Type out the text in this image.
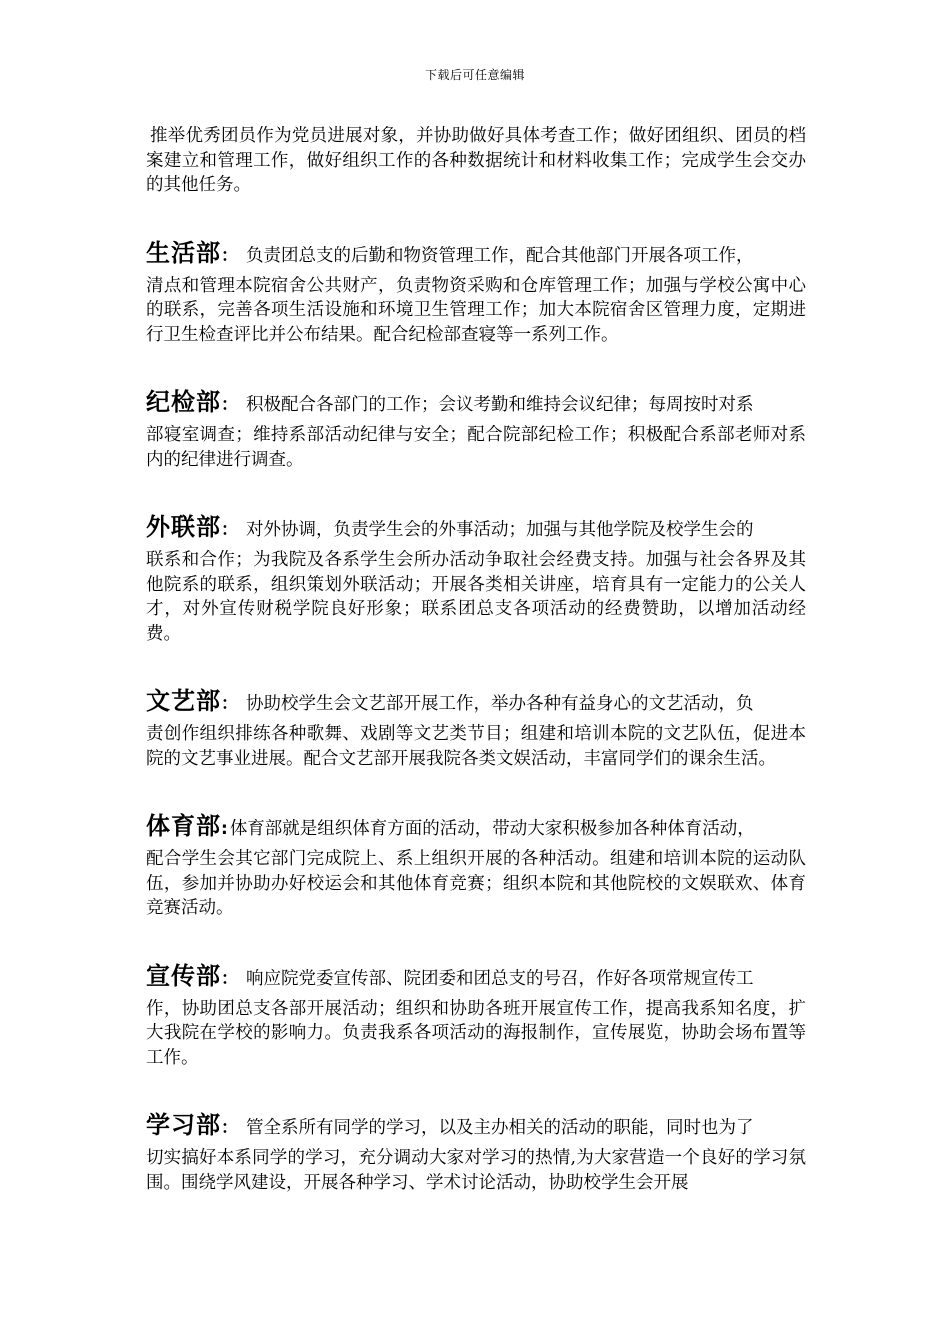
下载后可任意编辑

推举优秀团员作为党员进展对象，并协助做好具体考查工作；做好团组织、团员的档案建立和管理工作，做好组织工作的各种数据统计和材料收集工作；完成学生会交办的其他任务。

生活部： 负责团总支的后勤和物资管理工作，配合其他部门开展各项工作，
清点和管理本院宿舍公共财产，负责物资采购和仓库管理工作；加强与学校公寓中心的联系，完善各项生活设施和环境卫生管理工作；加大本院宿舍区管理力度，定期进行卫生检查评比并公布结果。配合纪检部查寝等一系列工作。
纪检部： 积极配合各部门的工作；会议考勤和维持会议纪律；每周按时对系
部寝室调查；维持系部活动纪律与安全；配合院部纪检工作；积极配合系部老师对系内的纪律进行调查。
外联部： 对外协调，负责学生会的外事活动；加强与其他学院及校学生会的
联系和合作；为我院及各系学生会所办活动争取社会经费支持。加强与社会各界及其他院系的联系，组织策划外联活动；开展各类相关讲座，培育具有一定能力的公关人才，对外宣传财税学院良好形象；联系团总支各项活动的经费赞助，以增加活动经费。
文艺部： 协助校学生会文艺部开展工作，举办各种有益身心的文艺活动，负
责创作组织排练各种歌舞、戏剧等文艺类节目；组建和培训本院的文艺队伍，促进本院的文艺事业进展。配合文艺部开展我院各类文娱活动，丰富同学们的课余生活。
体育部: 体育部就是组织体育方面的活动，带动大家积极参加各种体育活动，
配合学生会其它部门完成院上、系上组织开展的各种活动。组建和培训本院的运动队伍，参加并协助办好校运会和其他体育竞赛；组织本院和其他院校的文娱联欢、体育竞赛活动。
宣传部： 响应院党委宣传部、院团委和团总支的号召，作好各项常规宣传工
作，协助团总支各部开展活动；组织和协助各班开展宣传工作，提高我系知名度，扩大我院在学校的影响力。负责我系各项活动的海报制作，宣传展览，协助会场布置等工作。
学习部： 管全系所有同学的学习，以及主办相关的活动的职能，同时也为了
切实搞好本系同学的学习，充分调动大家对学习的热情,为大家营造一个良好的学习氛围。围绕学风建设，开展各种学习、学术讨论活动，协助校学生会开展
